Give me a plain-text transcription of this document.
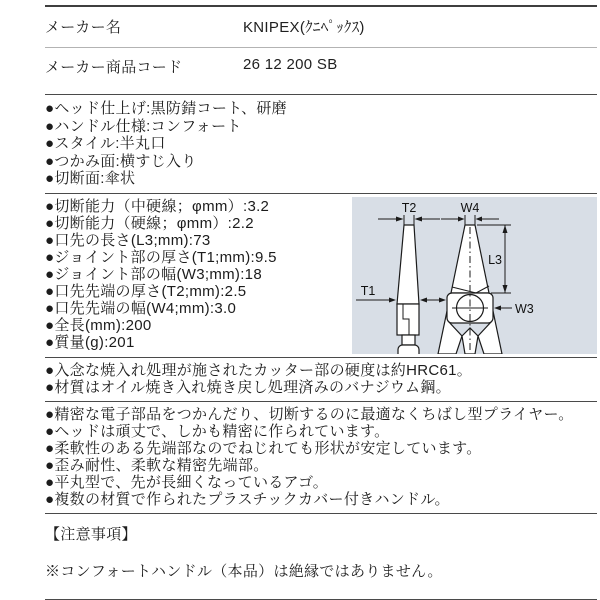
メーカー名	KNIPEX(ｸﾆﾍﾟｯｸｽ)
メーカー商品コード	26 12 200 SB
●ヘッド仕上げ:黒防錆コート、研磨
●ハンドル仕様:コンフォート
●スタイル:半丸口
●つかみ面:横すじ入り
●切断面:傘状
●切断能力（中硬線；φmm）:3.2
●切断能力（硬線；φmm）:2.2
●口先の長さ(L3;mm):73
●ジョイント部の厚さ(T1;mm):9.5
●ジョイント部の幅(W3;mm):18
●口先先端の厚さ(T2;mm):2.5
●口先先端の幅(W4;mm):3.0
●全長(mm):200
●質量(g):201
T2
T1
W4
L3
W3
●入念な焼入れ処理が施されたカッター部の硬度は約HRC61。
●材質はオイル焼き入れ焼き戻し処理済みのバナジウム鋼。
●精密な電子部品をつかんだり、切断するのに最適なくちばし型プライヤー。
●ヘッドは頑丈で、しかも精密に作られています。
●柔軟性のある先端部なのでねじれても形状が安定しています。
●歪み耐性、柔軟な精密先端部。
●平丸型で、先が長細くなっているアゴ。
●複数の材質で作られたプラスチックカバー付きハンドル。
【注意事項】
※コンフォートハンドル（本品）は絶縁ではありません。
